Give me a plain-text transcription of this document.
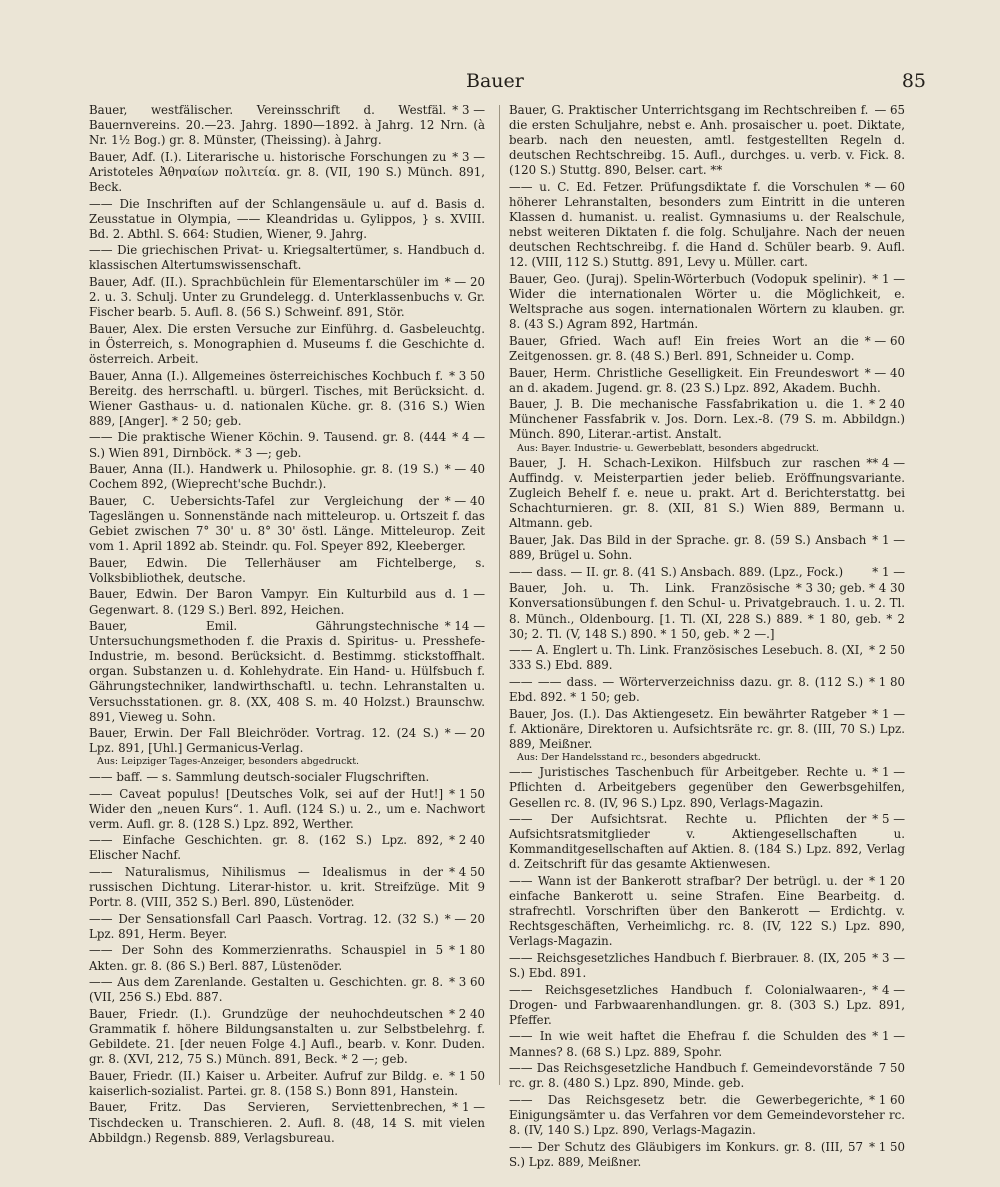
Bauer	85
* 3 —
Bauer, westfälischer. Vereinsschrift d. Westfäl. Bauernvereins. 20.—23. Jahrg. 1890—1892. à Jahrg. 12 Nrn. (à Nr. 1½ Bog.) gr. 8. Münster, (Theissing). à Jahrg.
* 3 —
Bauer, Adf. (I.). Literarische u. historische Forschungen zu Aristoteles Ἀθηναίων πολιτεία. gr. 8. (VII, 190 S.) Münch. 891, Beck.
—— Die Inschriften auf der Schlangensäule u. auf d. Basis d. Zeusstatue in Olympia, —— Kleandridas u. Gylippos, } s. XVIII. Bd. 2. Abthl. S. 664: Studien, Wiener, 9. Jahrg.
—— Die griechischen Privat- u. Kriegsaltertümer, s. Handbuch d. klassischen Altertumswissenschaft.
* — 20
Bauer, Adf. (II.). Sprachbüchlein für Elementarschüler im 2. u. 3. Schulj. Unter zu Grundelegg. d. Unterklassenbuchs v. Gr. Fischer bearb. 5. Aufl. 8. (56 S.) Schweinf. 891, Stör.
Bauer, Alex. Die ersten Versuche zur Einführg. d. Gasbeleuchtg. in Österreich, s. Monographien d. Museums f. die Geschichte d. österreich. Arbeit.
* 3 50
Bauer, Anna (I.). Allgemeines österreichisches Kochbuch f. Bereitg. des herrschaftl. u. bürgerl. Tisches, mit Berücksicht. d. Wiener Gasthaus- u. d. nationalen Küche. gr. 8. (316 S.) Wien 889, [Anger]. * 2 50; geb.
* 4 —
—— Die praktische Wiener Köchin. 9. Tausend. gr. 8. (444 S.) Wien 891, Dirnböck. * 3 —; geb.
* — 40
Bauer, Anna (II.). Handwerk u. Philosophie. gr. 8. (19 S.) Cochem 892, (Wieprecht'sche Buchdr.).
* — 40
Bauer, C. Uebersichts-Tafel zur Vergleichung der Tageslängen u. Sonnenstände nach mitteleurop. u. Ortszeit f. das Gebiet zwischen 7° 30' u. 8° 30' östl. Länge. Mitteleurop. Zeit vom 1. April 1892 ab. Steindr. qu. Fol. Speyer 892, Kleeberger.
Bauer, Edwin. Die Tellerhäuser am Fichtelberge, s. Volksbibliothek, deutsche.
1 —
Bauer, Edwin. Der Baron Vampyr. Ein Kulturbild aus d. Gegenwart. 8. (129 S.) Berl. 892, Heichen.
* 14 —
Bauer, Emil. Gährungstechnische Untersuchungsmethoden f. die Praxis d. Spiritus- u. Presshefe-Industrie, m. besond. Berücksicht. d. Bestimmg. stickstoffhalt. organ. Substanzen u. d. Kohlehydrate. Ein Hand- u. Hülfsbuch f. Gährungstechniker, landwirthschaftl. u. techn. Lehranstalten u. Versuchsstationen. gr. 8. (XX, 408 S. m. 40 Holzst.) Braunschw. 891, Vieweg u. Sohn.
* — 20
Bauer, Erwin. Der Fall Bleichröder. Vortrag. 12. (24 S.) Lpz. 891, [Uhl.] Germanicus-Verlag.
Aus: Leipziger Tages-Anzeiger, besonders abgedruckt.
—— baff. — s. Sammlung deutsch-socialer Flugschriften.
* 1 50
—— Caveat populus! [Deutsches Volk, sei auf der Hut!] Wider den „neuen Kurs“. 1. Aufl. (124 S.) u. 2., um e. Nachwort verm. Aufl. gr. 8. (128 S.) Lpz. 892, Werther.
* 2 40
—— Einfache Geschichten. gr. 8. (162 S.) Lpz. 892, Elischer Nachf.
* 4 50
—— Naturalismus, Nihilismus — Idealismus in der russischen Dichtung. Literar-histor. u. krit. Streifzüge. Mit 9 Portr. 8. (VIII, 352 S.) Berl. 890, Lüstenöder.
* — 20
—— Der Sensationsfall Carl Paasch. Vortrag. 12. (32 S.) Lpz. 891, Herm. Beyer.
* 1 80
—— Der Sohn des Kommerzienraths. Schauspiel in 5 Akten. gr. 8. (86 S.) Berl. 887, Lüstenöder.
* 3 60
—— Aus dem Zarenlande. Gestalten u. Geschichten. gr. 8. (VII, 256 S.) Ebd. 887.
* 2 40
Bauer, Friedr. (I.). Grundzüge der neuhochdeutschen Grammatik f. höhere Bildungsanstalten u. zur Selbstbelehrg. f. Gebildete. 21. [der neuen Folge 4.] Aufl., bearb. v. Konr. Duden. gr. 8. (XVI, 212, 75 S.) Münch. 891, Beck. * 2 —; geb.
* 1 50
Bauer, Friedr. (II.) Kaiser u. Arbeiter. Aufruf zur Bildg. e. kaiserlich-sozialist. Partei. gr. 8. (158 S.) Bonn 891, Hanstein.
* 1 —
Bauer, Fritz. Das Servieren, Serviettenbrechen, Tischdecken u. Transchieren. 2. Aufl. 8. (48, 14 S. mit vielen Abbildgn.) Regensb. 889, Verlagsbureau.
— 65
Bauer, G. Praktischer Unterrichtsgang im Rechtschreiben f. die ersten Schuljahre, nebst e. Anh. prosaischer u. poet. Diktate, bearb. nach den neuesten, amtl. festgestellten Regeln d. deutschen Rechtschreibg. 15. Aufl., durchges. u. verb. v. Fick. 8. (120 S.) Stuttg. 890, Belser. cart. **
* — 60
—— u. C. Ed. Fetzer. Prüfungsdiktate f. die Vorschulen höherer Lehranstalten, besonders zum Eintritt in die unteren Klassen d. humanist. u. realist. Gymnasiums u. der Realschule, nebst weiteren Diktaten f. die folg. Schuljahre. Nach der neuen deutschen Rechtschreibg. f. die Hand d. Schüler bearb. 9. Aufl. 12. (VIII, 112 S.) Stuttg. 891, Levy u. Müller. cart.
* 1 —
Bauer, Geo. (Juraj). Spelin-Wörterbuch (Vodopuk spelinir). Wider die internationalen Wörter u. die Möglichkeit, e. Weltsprache aus sogen. internationalen Wörtern zu klauben. gr. 8. (43 S.) Agram 892, Hartmán.
* — 60
Bauer, Gfried. Wach auf! Ein freies Wort an die Zeitgenossen. gr. 8. (48 S.) Berl. 891, Schneider u. Comp.
* — 40
Bauer, Herm. Christliche Geselligkeit. Ein Freundeswort an d. akadem. Jugend. gr. 8. (23 S.) Lpz. 892, Akadem. Buchh.
* 2 40
Bauer, J. B. Die mechanische Fassfabrikation u. die 1. Münchener Fassfabrik v. Jos. Dorn. Lex.-8. (79 S. m. Abbildgn.) Münch. 890, Literar.-artist. Anstalt.
Aus: Bayer. Industrie- u. Gewerbeblatt, besonders abgedruckt.
** 4 —
Bauer, J. H. Schach-Lexikon. Hilfsbuch zur raschen Auffindg. v. Meisterpartien jeder belieb. Eröffnungsvariante. Zugleich Behelf f. e. neue u. prakt. Art d. Berichterstattg. bei Schachturnieren. gr. 8. (XII, 81 S.) Wien 889, Bermann u. Altmann. geb.
* 1 —
Bauer, Jak. Das Bild in der Sprache. gr. 8. (59 S.) Ansbach 889, Brügel u. Sohn.
* 1 —
—— dass. — II. gr. 8. (41 S.) Ansbach. 889. (Lpz., Fock.)
* 3 30; geb. * 4 30
Bauer, Joh. u. Th. Link. Französische Konversationsübungen f. den Schul- u. Privatgebrauch. 1. u. 2. Tl. 8. Münch., Oldenbourg. [1. Tl. (XI, 228 S.) 889. * 1 80, geb. * 2 30; 2. Tl. (V, 148 S.) 890. * 1 50, geb. * 2 —.]
* 2 50
—— A. Englert u. Th. Link. Französisches Lesebuch. 8. (XI, 333 S.) Ebd. 889.
* 1 80
—— —— dass. — Wörterverzeichniss dazu. gr. 8. (112 S.) Ebd. 892. * 1 50; geb.
* 1 —
Bauer, Jos. (I.). Das Aktiengesetz. Ein bewährter Ratgeber f. Aktionäre, Direktoren u. Aufsichtsräte rc. gr. 8. (III, 70 S.) Lpz. 889, Meißner.
Aus: Der Handelsstand rc., besonders abgedruckt.
* 1 —
—— Juristisches Taschenbuch für Arbeitgeber. Rechte u. Pflichten d. Arbeitgebers gegenüber den Gewerbsgehilfen, Gesellen rc. 8. (IV, 96 S.) Lpz. 890, Verlags-Magazin.
* 5 —
—— Der Aufsichtsrat. Rechte u. Pflichten der Aufsichtsratsmitglieder v. Aktiengesellschaften u. Kommanditgesellschaften auf Aktien. 8. (184 S.) Lpz. 892, Verlag d. Zeitschrift für das gesamte Aktienwesen.
* 1 20
—— Wann ist der Bankerott strafbar? Der betrügl. u. der einfache Bankerott u. seine Strafen. Eine Bearbeitg. d. strafrechtl. Vorschriften über den Bankerott — Erdichtg. v. Rechtsgeschäften, Verheimlichg. rc. 8. (IV, 122 S.) Lpz. 890, Verlags-Magazin.
* 3 —
—— Reichsgesetzliches Handbuch f. Bierbrauer. 8. (IX, 205 S.) Ebd. 891.
* 4 —
—— Reichsgesetzliches Handbuch f. Colonialwaaren-, Drogen- und Farbwaarenhandlungen. gr. 8. (303 S.) Lpz. 891, Pfeffer.
* 1 —
—— In wie weit haftet die Ehefrau f. die Schulden des Mannes? 8. (68 S.) Lpz. 889, Spohr.
7 50
—— Das Reichsgesetzliche Handbuch f. Gemeindevorstände rc. gr. 8. (480 S.) Lpz. 890, Minde. geb.
* 1 60
—— Das Reichsgesetz betr. die Gewerbegerichte, Einigungsämter u. das Verfahren vor dem Gemeindevorsteher rc. 8. (IV, 140 S.) Lpz. 890, Verlags-Magazin.
* 1 50
—— Der Schutz des Gläubigers im Konkurs. gr. 8. (III, 57 S.) Lpz. 889, Meißner.
